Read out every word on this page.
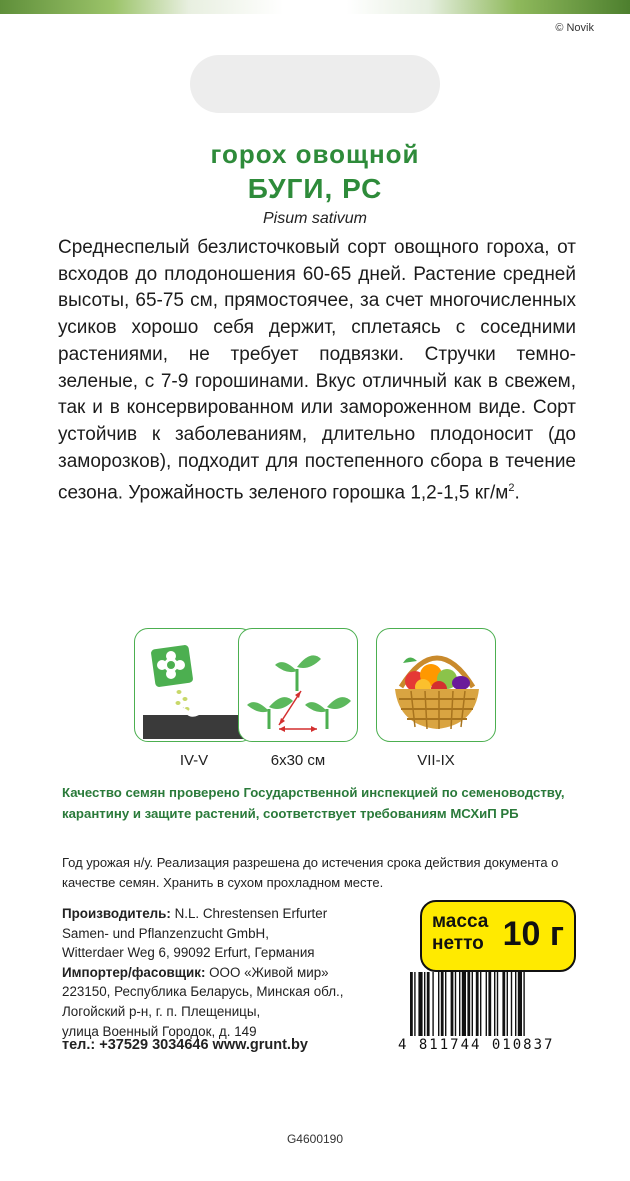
© Novik
горох овощной
БУГИ, РС
Pisum sativum
Среднеспелый безлисточковый сорт овощного гороха, от всходов до плодоношения 60-65 дней. Растение средней высоты, 65-75 см, прямостоячее, за счет многочисленных усиков хорошо себя держит, сплетаясь с соседними растениями, не требует подвязки. Стручки темно-зеленые, с 7-9 горошинами. Вкус отличный как в свежем, так и в консервированном или замороженном виде. Сорт устойчив к заболеваниям, длительно плодоносит (до заморозков), подходит для постепенного сбора в течение сезона. Урожайность зеленого горошка 1,2-1,5 $кг/м^2$.
IV-V	6x30 см	VII-IX
Качество семян проверено Государственной инспекцией по семеноводству, карантину и защите растений, соответствует требованиям МСХиП РБ
Год урожая н/у. Реализация разрешена до истечения срока действия документа о качестве семян. Хранить в сухом прохладном месте.
Производитель: N.L. Chrestensen Erfurter
Samen- und Pflanzenzucht GmbH,
Witterdaer Weg 6, 99092 Erfurt, Германия
Импортер/фасовщик: ООО «Живой мир»
223150, Республика Беларусь, Минская обл.,
Логойский р-н, г. п. Плещеницы,
улица Военный Городок, д. 149
тел.: +37529 3034646 www.grunt.by
масса
нетто 10 г
4 811744 010837
G4600190
